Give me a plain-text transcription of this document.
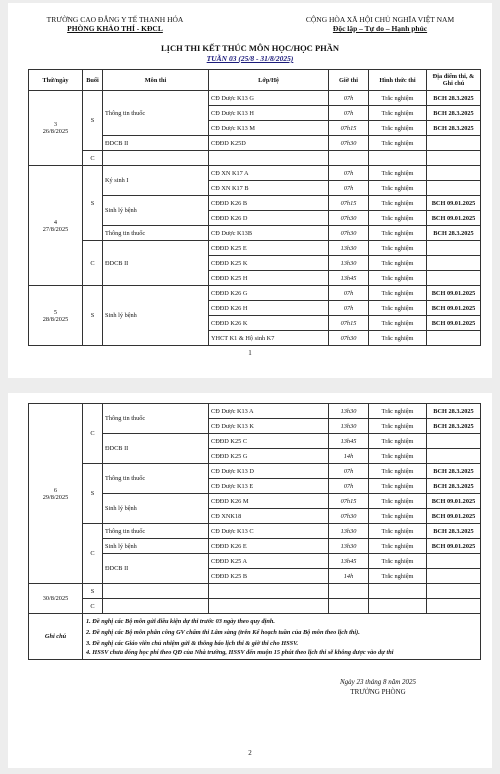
TRƯỜNG CAO ĐẲNG Y TẾ THANH HÓA
PHÒNG KHẢO THÍ - KĐCL
CỘNG HÒA XÃ HỘI CHỦ NGHĨA VIỆT NAM
Độc lập – Tự do – Hạnh phúc
LỊCH THI KẾT THÚC MÔN HỌC/HỌC PHẦN
TUẦN 03 (25/8 - 31/8/2025)
Thứ/ngày	Buổi	Môn thi	Lớp/Hệ	Giờ thi	Hình thức thi	Địa điểm thi, & Ghi chú
3
26/8/2025	S	Thông tin thuốc	CĐ Dược K13 G	07h	Trắc nghiệm	BCH 28.3.2025
			CĐ Dược K13 H	07h	Trắc nghiệm	BCH 28.3.2025
			CĐ Dược K13 M	07h15	Trắc nghiệm	BCH 28.3.2025
		ĐDCB II	CĐĐD K25D	07h30	Trắc nghiệm	
	C					
4
27/8/2025	S	Ký sinh I	CĐ XN K17 A	07h	Trắc nghiệm	
			CĐ XN K17 B	07h	Trắc nghiệm	
		Sinh lý bệnh	CĐĐD K26 B	07h15	Trắc nghiệm	BCH 09.01.2025
			CĐĐD K26 D	07h30	Trắc nghiệm	BCH 09.01.2025
		Thông tin thuốc	CĐ Dược K13B	07h30	Trắc nghiệm	BCH 28.3.2025
	C	ĐDCB II	CĐĐD K25 E	13h30	Trắc nghiệm	
			CĐĐD K25 K	13h30	Trắc nghiệm	
			CĐĐD K25 H	13h45	Trắc nghiệm	
5
28/8/2025	S	Sinh lý bệnh	CĐĐD K26 G	07h	Trắc nghiệm	BCH 09.01.2025
			CĐĐD K26 H	07h	Trắc nghiệm	BCH 09.01.2025
			CĐĐD K26 K	07h15	Trắc nghiệm	BCH 09.01.2025
			YHCT K1 & Hộ sinh K7	07h30	Trắc nghiệm	
1
6
29/8/2025	C	Thông tin thuốc	CĐ Dược K13 A	13h30	Trắc nghiệm	BCH 28.3.2025
			CĐ Dược K13 K	13h30	Trắc nghiệm	BCH 28.3.2025
		ĐDCB II	CĐĐD K25 C	13h45	Trắc nghiệm	
			CĐĐD K25 G	14h	Trắc nghiệm	
	S	Thông tin thuốc	CĐ Dược K13 D	07h	Trắc nghiệm	BCH 28.3.2025
			CĐ Dược K13 E	07h	Trắc nghiệm	BCH 28.3.2025
		Sinh lý bệnh	CĐĐD K26 M	07h15	Trắc nghiệm	BCH 09.01.2025
			CĐ XNK18	07h30	Trắc nghiệm	BCH 09.01.2025
	C	Thông tin thuốc	CĐ Dược K13 C	13h30	Trắc nghiệm	BCH 28.3.2025
		Sinh lý bệnh	CĐĐD K26 E	13h30	Trắc nghiệm	BCH 09.01.2025
		ĐDCB II	CĐĐD K25 A	13h45	Trắc nghiệm	
			CĐĐD K25 B	14h	Trắc nghiệm	
30/8/2025	S					
	C					
Ghi chú	1. Đề nghị các Bộ môn gửi điều kiện dự thi trước 03 ngày theo quy định.
2. Đề nghị các Bộ môn phân công GV chấm thi Lâm sàng (trên Kế hoạch tuần của Bộ môn theo lịch thi).
3. Đề nghị các Giáo viên chủ nhiệm gửi & thông báo lịch thi & giờ thi cho HSSV.
4. HSSV chưa đóng học phí theo QĐ của Nhà trường, HSSV đến muộn 15 phút theo lịch thi sẽ không được vào dự thi					
Ngày 23 tháng 8 năm 2025
TRƯỞNG PHÒNG
2
